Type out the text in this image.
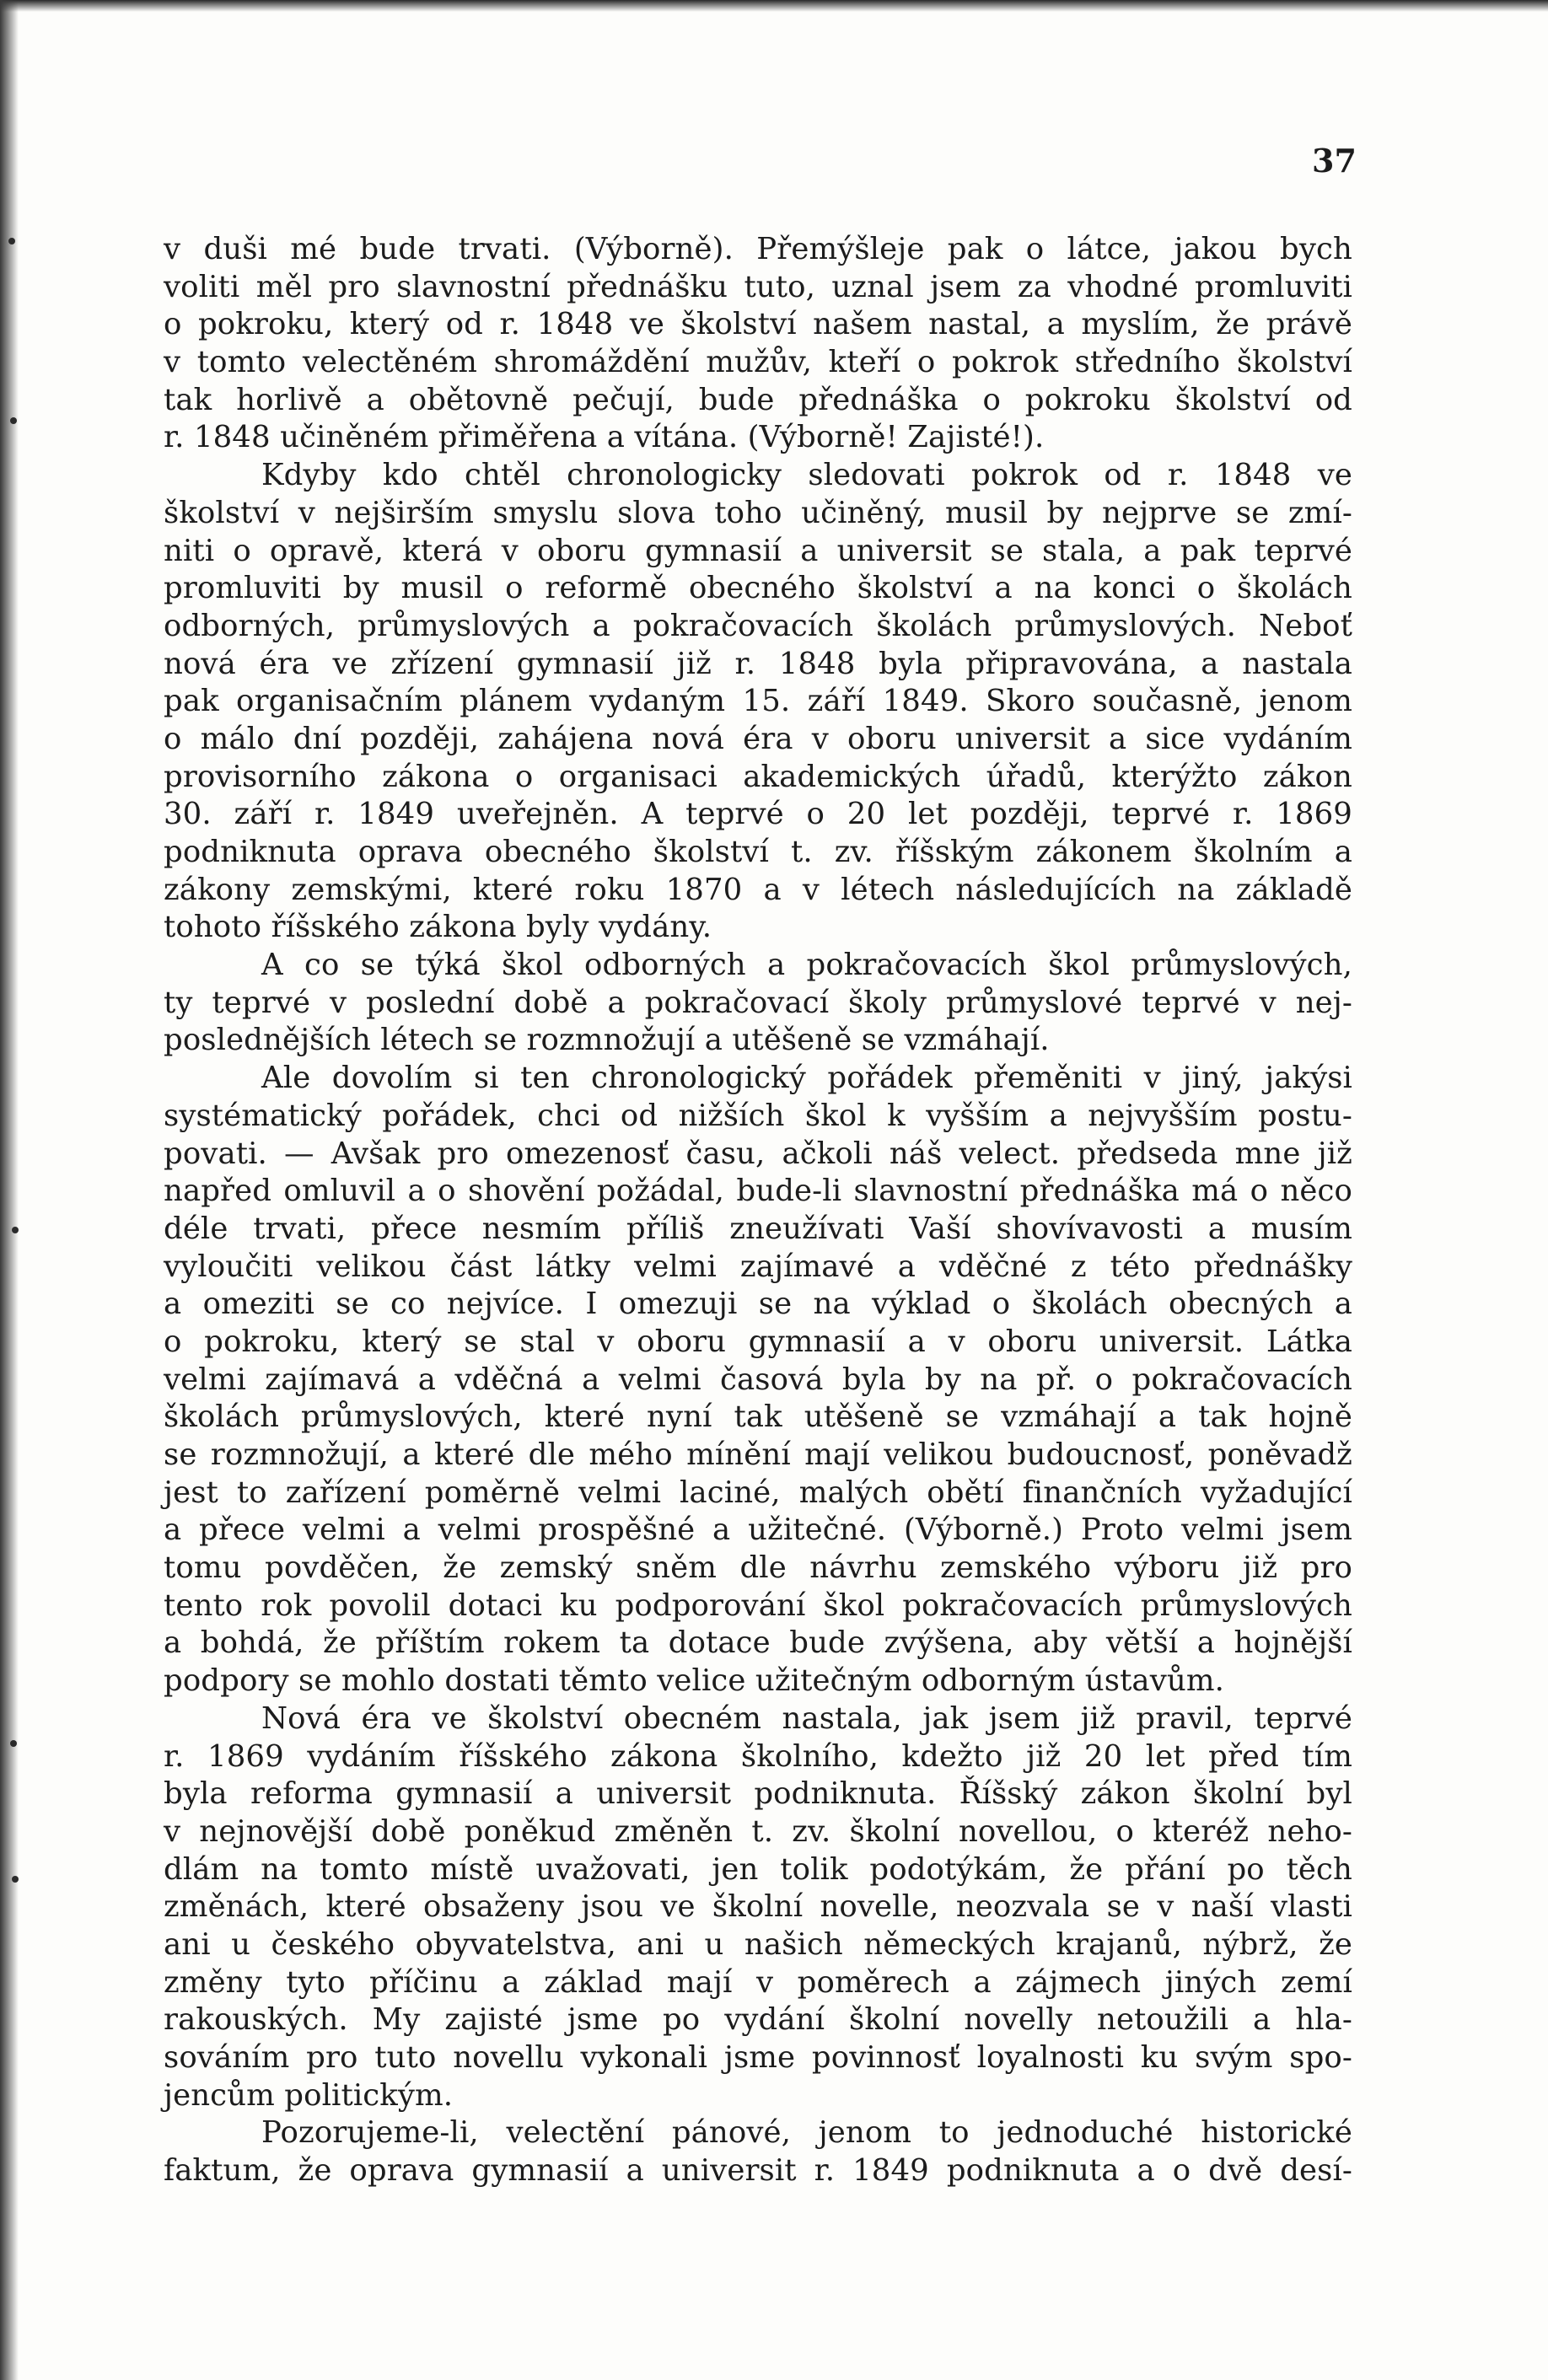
37
v duši mé bude trvati. (Výborně). Přemýšleje pak o látce, jakou bych
voliti měl pro slavnostní přednášku tuto, uznal jsem za vhodné promluviti
o pokroku, který od r. 1848 ve školství našem nastal, a myslím, že právě
v tomto velectěném shromáždění mužův, kteří o pokrok středního školství
tak horlivě a obětovně pečují, bude přednáška o pokroku školství od
r. 1848 učiněném přiměřena a vítána. (Výborně! Zajisté!).
Kdyby kdo chtěl chronologicky sledovati pokrok od r. 1848 ve
školství v nejširším smyslu slova toho učiněný, musil by nejprve se zmí-
niti o opravě, která v oboru gymnasií a universit se stala, a pak teprvé
promluviti by musil o reformě obecného školství a na konci o školách
odborných, průmyslových a pokračovacích školách průmyslových. Neboť
nová éra ve zřízení gymnasií již r. 1848 byla připravována, a nastala
pak organisačním plánem vydaným 15. září 1849. Skoro současně, jenom
o málo dní později, zahájena nová éra v oboru universit a sice vydáním
provisorního zákona o organisaci akademických úřadů, kterýžto zákon
30. září r. 1849 uveřejněn. A teprvé o 20 let později, teprvé r. 1869
podniknuta oprava obecného školství t. zv. říšským zákonem školním a
zákony zemskými, které roku 1870 a v létech následujících na základě
tohoto říšského zákona byly vydány.
A co se týká škol odborných a pokračovacích škol průmyslových,
ty teprvé v poslední době a pokračovací školy průmyslové teprvé v nej-
poslednějších létech se rozmnožují a utěšeně se vzmáhají.
Ale dovolím si ten chronologický pořádek přeměniti v jiný, jakýsi
systématický pořádek, chci od nižších škol k vyšším a nejvyšším postu-
povati. — Avšak pro omezenosť času, ačkoli náš velect. předseda mne již
napřed omluvil a o shovění požádal, bude-li slavnostní přednáška má o něco
déle trvati, přece nesmím příliš zneužívati Vaší shovívavosti a musím
vyloučiti velikou část látky velmi zajímavé a vděčné z této přednášky
a omeziti se co nejvíce. I omezuji se na výklad o školách obecných a
o pokroku, který se stal v oboru gymnasií a v oboru universit. Látka
velmi zajímavá a vděčná a velmi časová byla by na př. o pokračovacích
školách průmyslových, které nyní tak utěšeně se vzmáhají a tak hojně
se rozmnožují, a které dle mého mínění mají velikou budoucnosť, poněvadž
jest to zařízení poměrně velmi laciné, malých obětí finančních vyžadující
a přece velmi a velmi prospěšné a užitečné. (Výborně.) Proto velmi jsem
tomu povděčen, že zemský sněm dle návrhu zemského výboru již pro
tento rok povolil dotaci ku podporování škol pokračovacích průmyslových
a bohdá, že příštím rokem ta dotace bude zvýšena, aby větší a hojnější
podpory se mohlo dostati těmto velice užitečným odborným ústavům.
Nová éra ve školství obecném nastala, jak jsem již pravil, teprvé
r. 1869 vydáním říšského zákona školního, kdežto již 20 let před tím
byla reforma gymnasií a universit podniknuta. Říšský zákon školní byl
v nejnovější době poněkud změněn t. zv. školní novellou, o kteréž neho-
dlám na tomto místě uvažovati, jen tolik podotýkám, že přání po těch
změnách, které obsaženy jsou ve školní novelle, neozvala se v naší vlasti
ani u českého obyvatelstva, ani u našich německých krajanů, nýbrž, že
změny tyto příčinu a základ mají v poměrech a zájmech jiných zemí
rakouských. My zajisté jsme po vydání školní novelly netoužili a hla-
sováním pro tuto novellu vykonali jsme povinnosť loyalnosti ku svým spo-
jencům politickým.
Pozorujeme-li, velectění pánové, jenom to jednoduché historické
faktum, že oprava gymnasií a universit r. 1849 podniknuta a o dvě desí-
